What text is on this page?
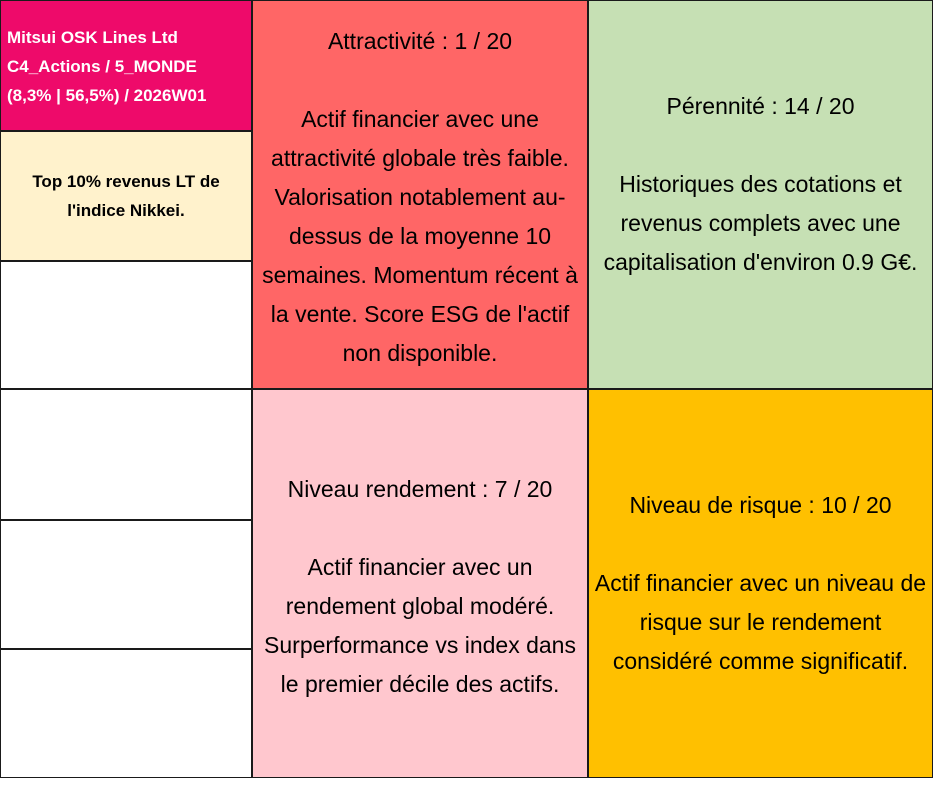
Mitsui OSK Lines Ltd
C4_Actions / 5_MONDE
(8,3% | 56,5%) / 2026W01
Top 10% revenus LT de
l'indice Nikkei.
Attractivité : 1 / 20
Actif financier avec une
attractivité globale très faible.
Valorisation notablement au-
dessus de la moyenne 10
semaines. Momentum récent à
la vente. Score ESG de l'actif
non disponible.
Pérennité : 14 / 20
Historiques des cotations et
revenus complets avec une
capitalisation d'environ 0.9 G€.
Niveau rendement : 7 / 20
Actif financier avec un
rendement global modéré.
Surperformance vs index dans
le premier décile des actifs.
Niveau de risque : 10 / 20
Actif financier avec un niveau de
risque sur le rendement
considéré comme significatif.
